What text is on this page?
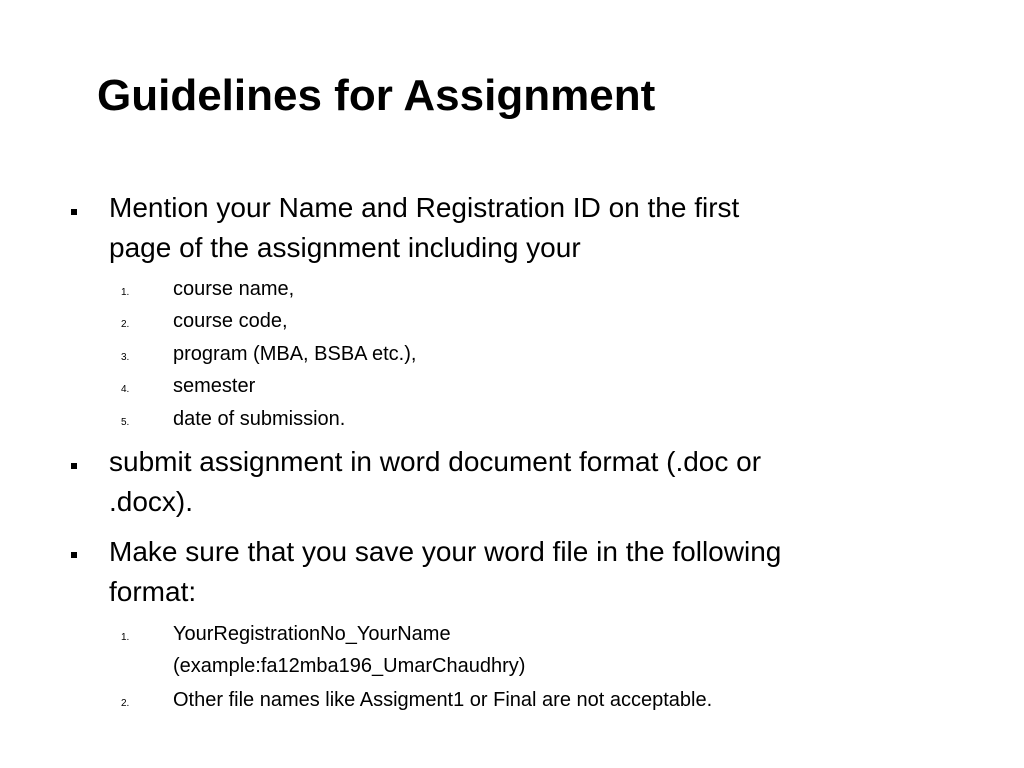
Guidelines for Assignment
Mention your Name and Registration ID on the first
page of the assignment including your
1. course name,
2. course code,
3. program (MBA, BSBA etc.),
4. semester
5. date of submission.
submit assignment in word document format (.doc or
.docx).
Make sure that you save your word file in the following
format:
1. YourRegistrationNo_YourName
(example:fa12mba196_UmarChaudhry)
2. Other file names like Assigment1 or Final are not acceptable.
